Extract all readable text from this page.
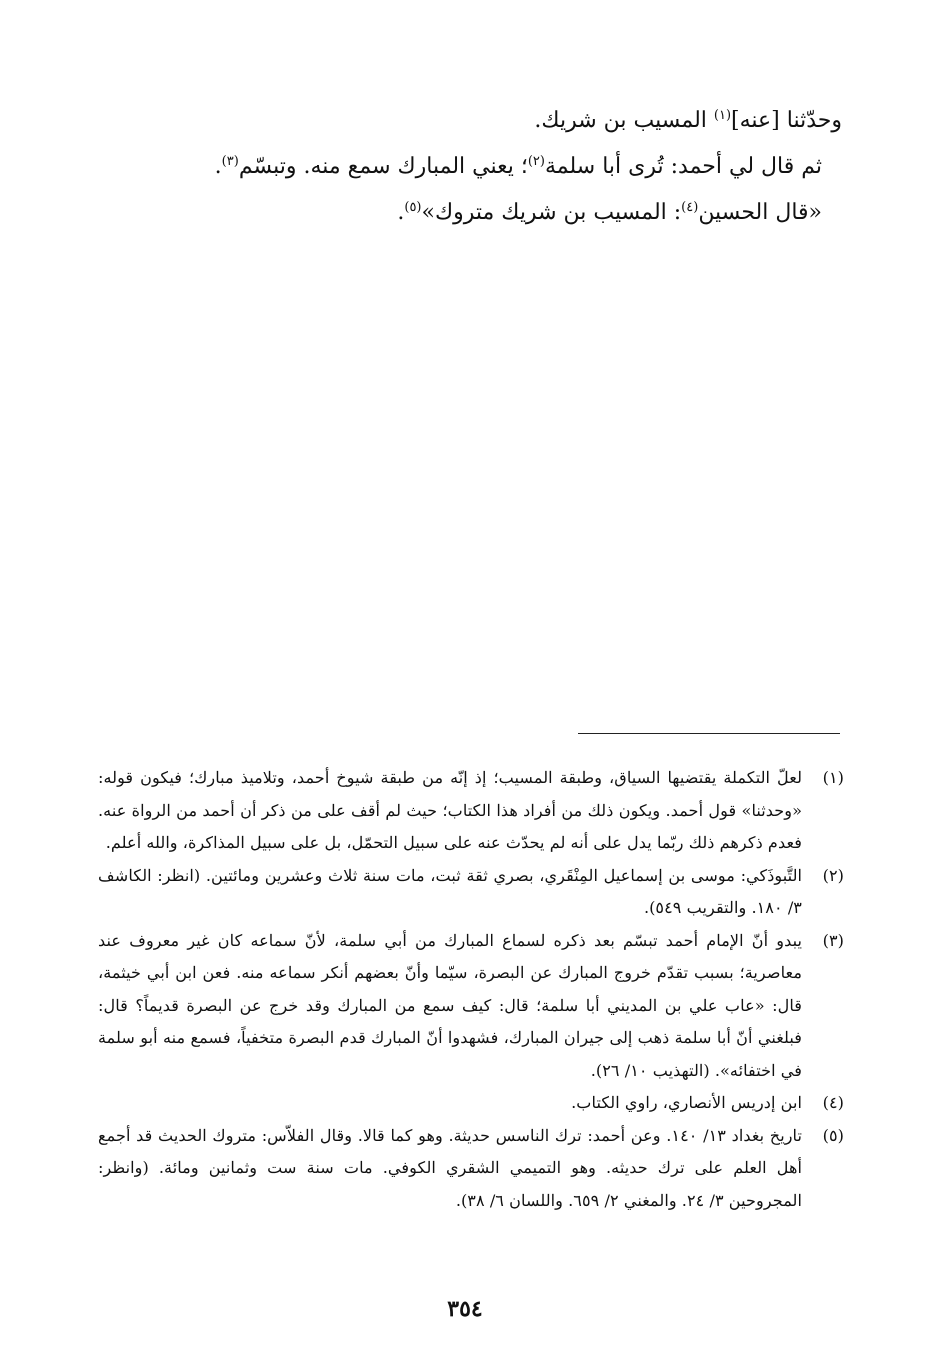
وحدّثنا [عنه]$^{(١)}$ المسيب بن شريك.
ثم قال لي أحمد: تُرى أبا سلمة$^{(٢)}$؛ يعني المبارك سمع منه. وتبسّم$^{(٣)}$.
«قال الحسين$^{(٤)}$: المسيب بن شريك متروك»$^{(٥)}$.
(١)
لعلّ التكملة يقتضيها السياق، وطبقة المسيب؛ إذ إنّه من طبقة شيوخ أحمد، وتلاميذ مبارك؛ فيكون قوله: «وحدثنا» قول أحمد. ويكون ذلك من أفراد هذا الكتاب؛ حيث لم أقف على من ذكر أن أحمد من الرواة عنه. فعدم ذكرهم ذلك ربّما يدل على أنه لم يحدّث عنه على سبيل التحمّل، بل على سبيل المذاكرة، والله أعلم.
(٢)
التَّبوذَكي: موسى بن إسماعيل المِنْقَري، بصري ثقة ثبت، مات سنة ثلاث وعشرين ومائتين. (انظر: الكاشف ٣/ ١٨٠. والتقريب ٥٤٩).
(٣)
يبدو أنّ الإمام أحمد تبسّم بعد ذكره لسماع المبارك من أبي سلمة، لأنّ سماعه كان غير معروف عند معاصرية؛ بسبب تقدّم خروج المبارك عن البصرة، سيّما وأنّ بعضهم أنكر سماعه منه. فعن ابن أبي خيثمة، قال: «عاب علي بن المديني أبا سلمة؛ قال: كيف سمع من المبارك وقد خرج عن البصرة قديماً؟ قال: فبلغني أنّ أبا سلمة ذهب إلى جيران المبارك، فشهدوا أنّ المبارك قدم البصرة متخفياً، فسمع منه أبو سلمة في اختفائه». (التهذيب ١٠/ ٢٦).
(٤)
ابن إدريس الأنصاري، راوي الكتاب.
(٥)
تاريخ بغداد ١٣/ ١٤٠. وعن أحمد: ترك الناسس حديثة. وهو كما قالا. وقال الفلاّس: متروك الحديث قد أجمع أهل العلم على ترك حديثه. وهو التميمي الشقري الكوفي. مات سنة ست وثمانين ومائة. (وانظر: المجروحين ٣/ ٢٤. والمغني ٢/ ٦٥٩. واللسان ٦/ ٣٨).
٣٥٤
